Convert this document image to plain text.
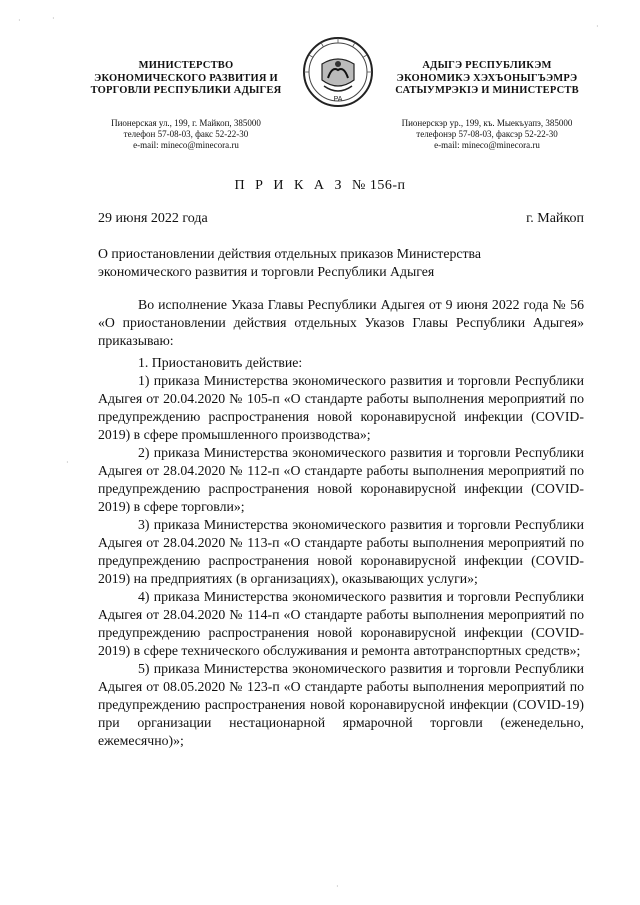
МИНИСТЕРСТВО
ЭКОНОМИЧЕСКОГО РАЗВИТИЯ И
ТОРГОВЛИ РЕСПУБЛИКИ АДЫГЕЯ
Пионерская ул., 199, г. Майкоп, 385000
телефон 57-08-03, факс 52-22-30
e-mail: mineco@minecora.ru
РА
АДЫГЭ РЕСПУБЛИКЭМ
ЭКОНОМИКЭ ХЭХЪОНЫГЪЭМРЭ
САТЫУМРЭКIЭ И МИНИСТЕРСТВ
Пионерскэр ур., 199, къ. Мыекъуапэ, 385000
телефонэр 57-08-03, факсэр 52-22-30
e-mail: mineco@minecora.ru
П Р И К А З № 156-п
29 июня 2022 года	г. Майкоп
О приостановлении действия отдельных приказов Министерства экономического развития и торговли Республики Адыгея

Во исполнение Указа Главы Республики Адыгея от 9 июня 2022 года № 56 «О приостановлении действия отдельных Указов Главы Республики Адыгея» приказываю:

1. Приостановить действие:

1) приказа Министерства экономического развития и торговли Республики Адыгея от 20.04.2020 № 105-п «О стандарте работы выполнения мероприятий по предупреждению распространения новой коронавирусной инфекции (COVID-2019) в сфере промышленного производства»;

2) приказа Министерства экономического развития и торговли Республики Адыгея от 28.04.2020 № 112-п «О стандарте работы выполнения мероприятий по предупреждению распространения новой коронавирусной инфекции (COVID-2019) в сфере торговли»;

3) приказа Министерства экономического развития и торговли Республики Адыгея от 28.04.2020 № 113-п «О стандарте работы выполнения мероприятий по предупреждению распространения новой коронавирусной инфекции (COVID-2019) на предприятиях (в организациях), оказывающих услуги»;

4) приказа Министерства экономического развития и торговли Республики Адыгея от 28.04.2020 № 114-п «О стандарте работы выполнения мероприятий по предупреждению распространения новой коронавирусной инфекции (COVID-2019) в сфере технического обслуживания и ремонта автотранспортных средств»;

5) приказа Министерства экономического развития и торговли Республики Адыгея от 08.05.2020 № 123-п «О стандарте работы выполнения мероприятий по предупреждению распространения новой коронавирусной инфекции (COVID-19) при организации нестационарной ярмарочной торговли (еженедельно, ежемесячно)»;

·	·
·
·
·
